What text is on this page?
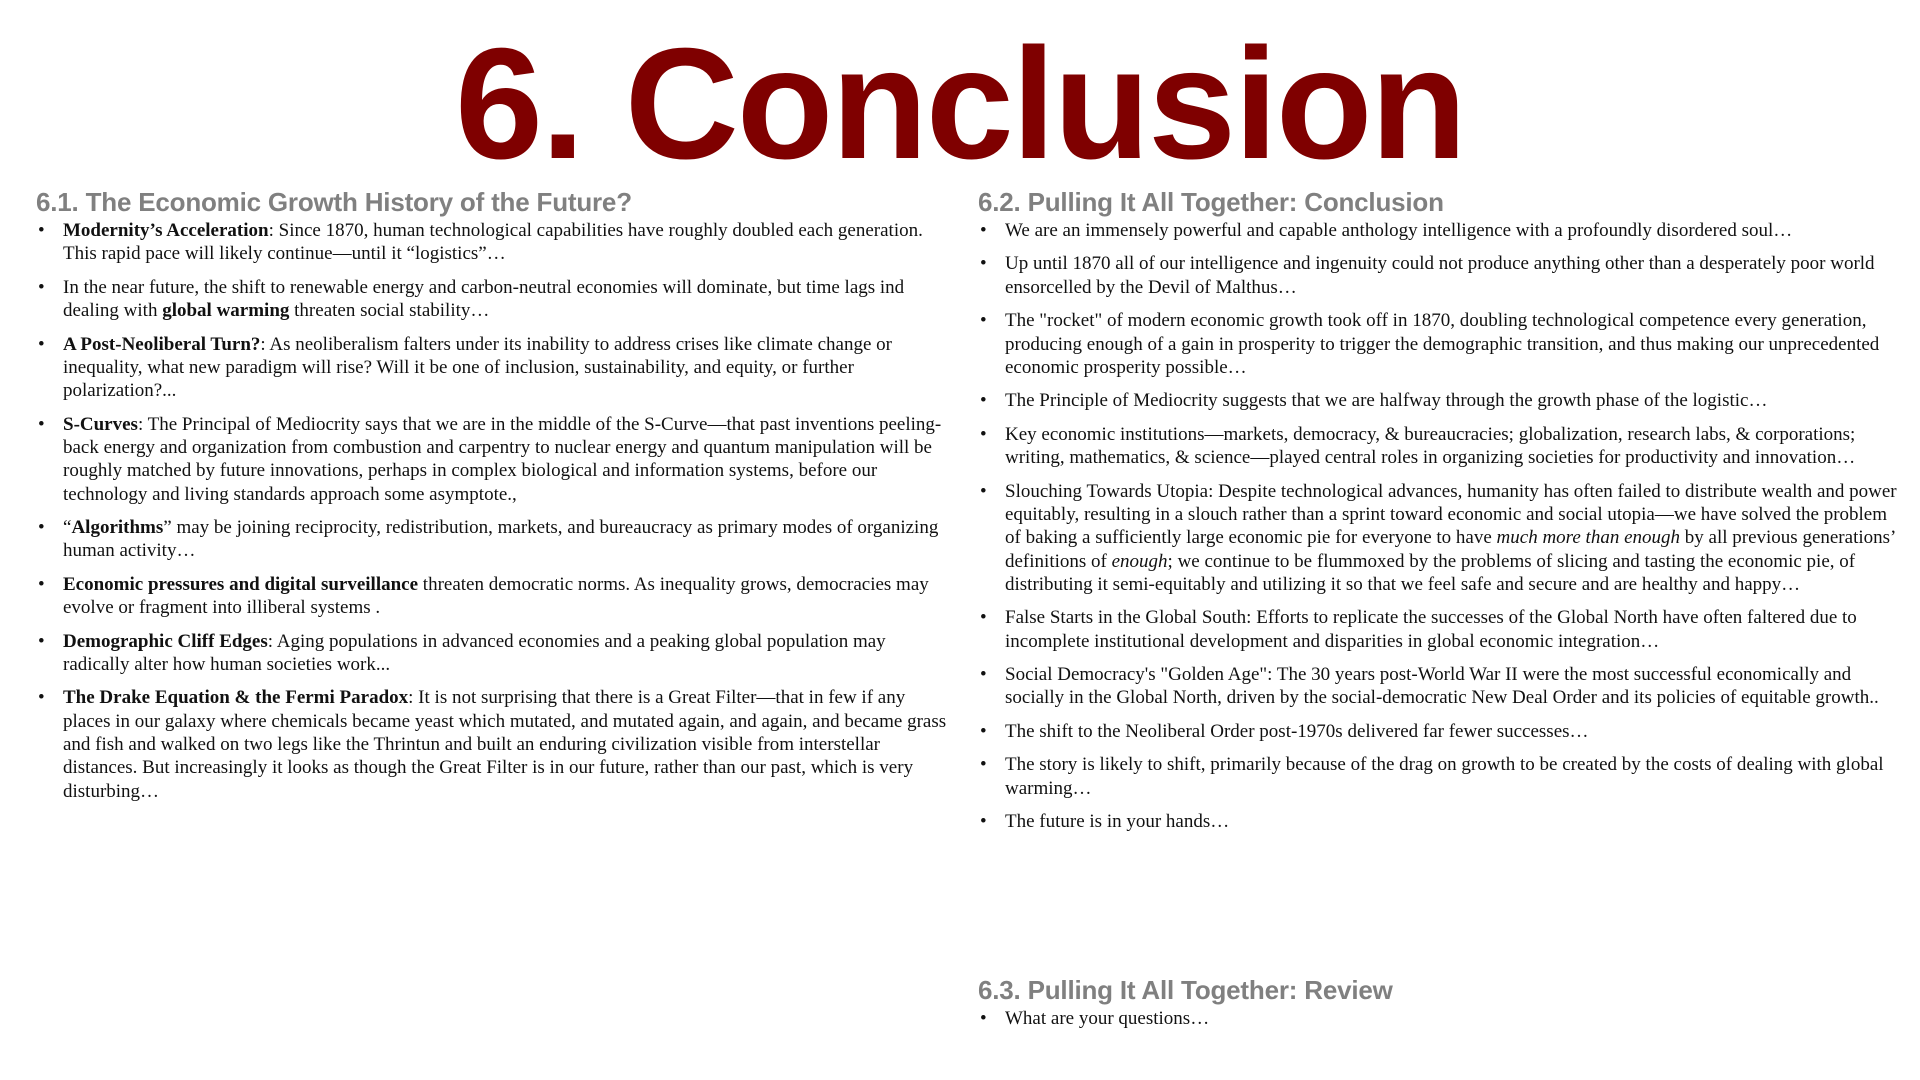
6. Conclusion
6.1. The Economic Growth History of the Future?
• Modernity’s Acceleration: Since 1870, human technological capabilities have roughly doubled each generation. This rapid pace will likely continue—until it “logistics”…
• In the near future, the shift to renewable energy and carbon-neutral economies will dominate, but time lags ind dealing with global warming threaten social stability…
• A Post-Neoliberal Turn?: As neoliberalism falters under its inability to address crises like climate change or inequality, what new paradigm will rise? Will it be one of inclusion, sustainability, and equity, or further polarization?...
• S-Curves: The Principal of Mediocrity says that we are in the middle of the S-Curve—that past inventions peeling-back energy and organization from combustion and carpentry to nuclear energy and quantum manipulation will be roughly matched by future innovations, perhaps in complex biological and information systems, before our technology and living standards approach some asymptote.,
• “Algorithms” may be joining reciprocity, redistribution, markets, and bureaucracy as primary modes of organizing human activity…
• Economic pressures and digital surveillance threaten democratic norms. As inequality grows, democracies may evolve or fragment into illiberal systems .
• Demographic Cliff Edges: Aging populations in advanced economies and a peaking global population may radically alter how human societies work...
• The Drake Equation & the Fermi Paradox: It is not surprising that there is a Great Filter—that in few if any places in our galaxy where chemicals became yeast which mutated, and mutated again, and again, and became grass and fish and walked on two legs like the Thrintun and built an enduring civilization visible from interstellar distances. But increasingly it looks as though the Great Filter is in our future, rather than our past, which is very disturbing…
6.2. Pulling It All Together: Conclusion
• We are an immensely powerful and capable anthology intelligence with a profoundly disordered soul…
• Up until 1870 all of our intelligence and ingenuity could not produce anything other than a desperately poor world ensorcelled by the Devil of Malthus…
• The "rocket" of modern economic growth took off in 1870, doubling technological competence every generation, producing enough of a gain in prosperity to trigger the demographic transition, and thus making our unprecedented economic prosperity possible…
• The Principle of Mediocrity suggests that we are halfway through the growth phase of the logistic…
• Key economic institutions—markets, democracy, & bureaucracies; globalization, research labs, & corporations; writing, mathematics, & science—played central roles in organizing societies for productivity and innovation…
• Slouching Towards Utopia: Despite technological advances, humanity has often failed to distribute wealth and power equitably, resulting in a slouch rather than a sprint toward economic and social utopia—we have solved the problem of baking a sufficiently large economic pie for everyone to have much more than enough by all previous generations’ definitions of enough; we continue to be flummoxed by the problems of slicing and tasting the economic pie, of distributing it semi-equitably and utilizing it so that we feel safe and secure and are healthy and happy…
• False Starts in the Global South: Efforts to replicate the successes of the Global North have often faltered due to incomplete institutional development and disparities in global economic integration…
• Social Democracy's "Golden Age": The 30 years post-World War II were the most successful economically and socially in the Global North, driven by the social-democratic New Deal Order and its policies of equitable growth..
• The shift to the Neoliberal Order post-1970s delivered far fewer successes…
• The story is likely to shift, primarily because of the drag on growth to be created by the costs of dealing with global warming…
• The future is in your hands…
6.3. Pulling It All Together: Review
• What are your questions…
